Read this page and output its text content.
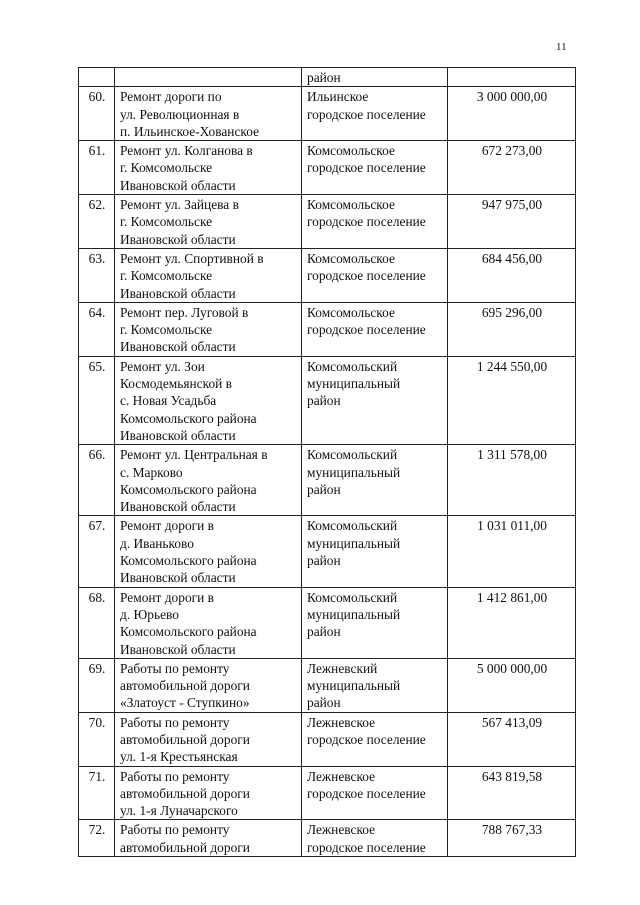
11

		район	

60.	Ремонт дороги по
ул. Революционная в
п. Ильинское-Хованское	Ильинское
городское поселение	3 000 000,00
61.	Ремонт ул. Колганова в
г. Комсомольске
Ивановской области	Комсомольское
городское поселение	672 273,00
62.	Ремонт ул. Зайцева в
г. Комсомольске
Ивановской области	Комсомольское
городское поселение	947 975,00
63.	Ремонт ул. Спортивной в
г. Комсомольске
Ивановской области	Комсомольское
городское поселение	684 456,00
64.	Ремонт пер. Луговой в
г. Комсомольске
Ивановской области	Комсомольское
городское поселение	695 296,00
65.	Ремонт ул. Зои
Космодемьянской в
с. Новая Усадьба
Комсомольского района
Ивановской области	Комсомольский
муниципальный
район	1 244 550,00
66.	Ремонт ул. Центральная в
с. Марково
Комсомольского района
Ивановской области	Комсомольский
муниципальный
район	1 311 578,00
67.	Ремонт дороги в
д. Иваньково
Комсомольского района
Ивановской области	Комсомольский
муниципальный
район	1 031 011,00
68.	Ремонт дороги в
д. Юрьево
Комсомольского района
Ивановской области	Комсомольский
муниципальный
район	1 412 861,00
69.	Работы по ремонту
автомобильной дороги
«Златоуст - Ступкино»	Лежневский
муниципальный
район	5 000 000,00
70.	Работы по ремонту
автомобильной дороги
ул. 1-я Крестьянская	Лежневское
городское поселение	567 413,09
71.	Работы по ремонту
автомобильной дороги
ул. 1-я Луначарского	Лежневское
городское поселение	643 819,58
72.	Работы по ремонту
автомобильной дороги	Лежневское
городское поселение	788 767,33
